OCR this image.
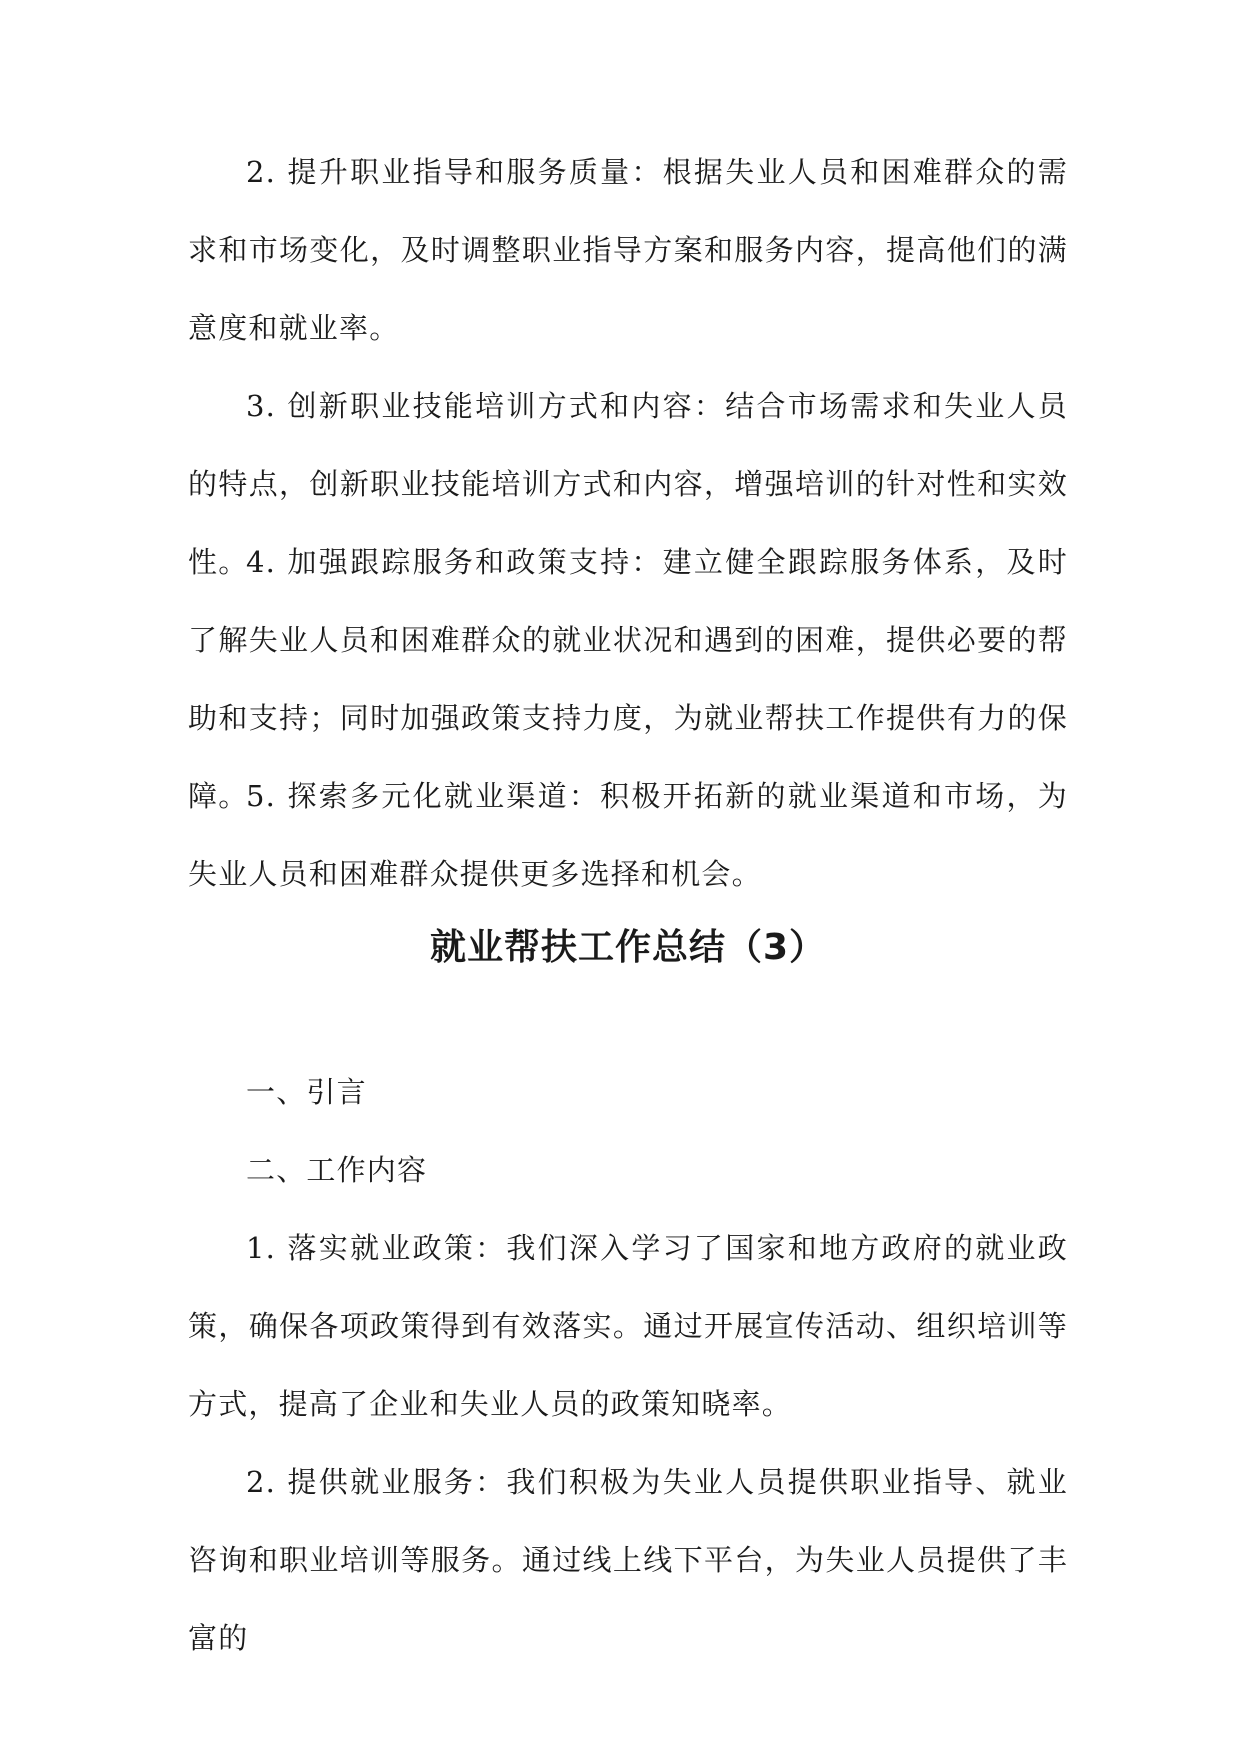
2. 提升职业指导和服务质量：根据失业人员和困难群众的需求和市场变化，及时调整职业指导方案和服务内容，提高他们的满意度和就业率。

3. 创新职业技能培训方式和内容：结合市场需求和失业人员的特点，创新职业技能培训方式和内容，增强培训的针对性和实效性。

4. 加强跟踪服务和政策支持：建立健全跟踪服务体系，及时了解失业人员和困难群众的就业状况和遇到的困难，提供必要的帮助和支持；同时加强政策支持力度，为就业帮扶工作提供有力的保障。

5. 探索多元化就业渠道：积极开拓新的就业渠道和市场，为失业人员和困难群众提供更多选择和机会。

就业帮扶工作总结（3）

一、引言

二、工作内容

1. 落实就业政策：我们深入学习了国家和地方政府的就业政策，确保各项政策得到有效落实。通过开展宣传活动、组织培训等方式，提高了企业和失业人员的政策知晓率。

2. 提供就业服务：我们积极为失业人员提供职业指导、就业咨询和职业培训等服务。通过线上线下平台，为失业人员提供了丰富的
